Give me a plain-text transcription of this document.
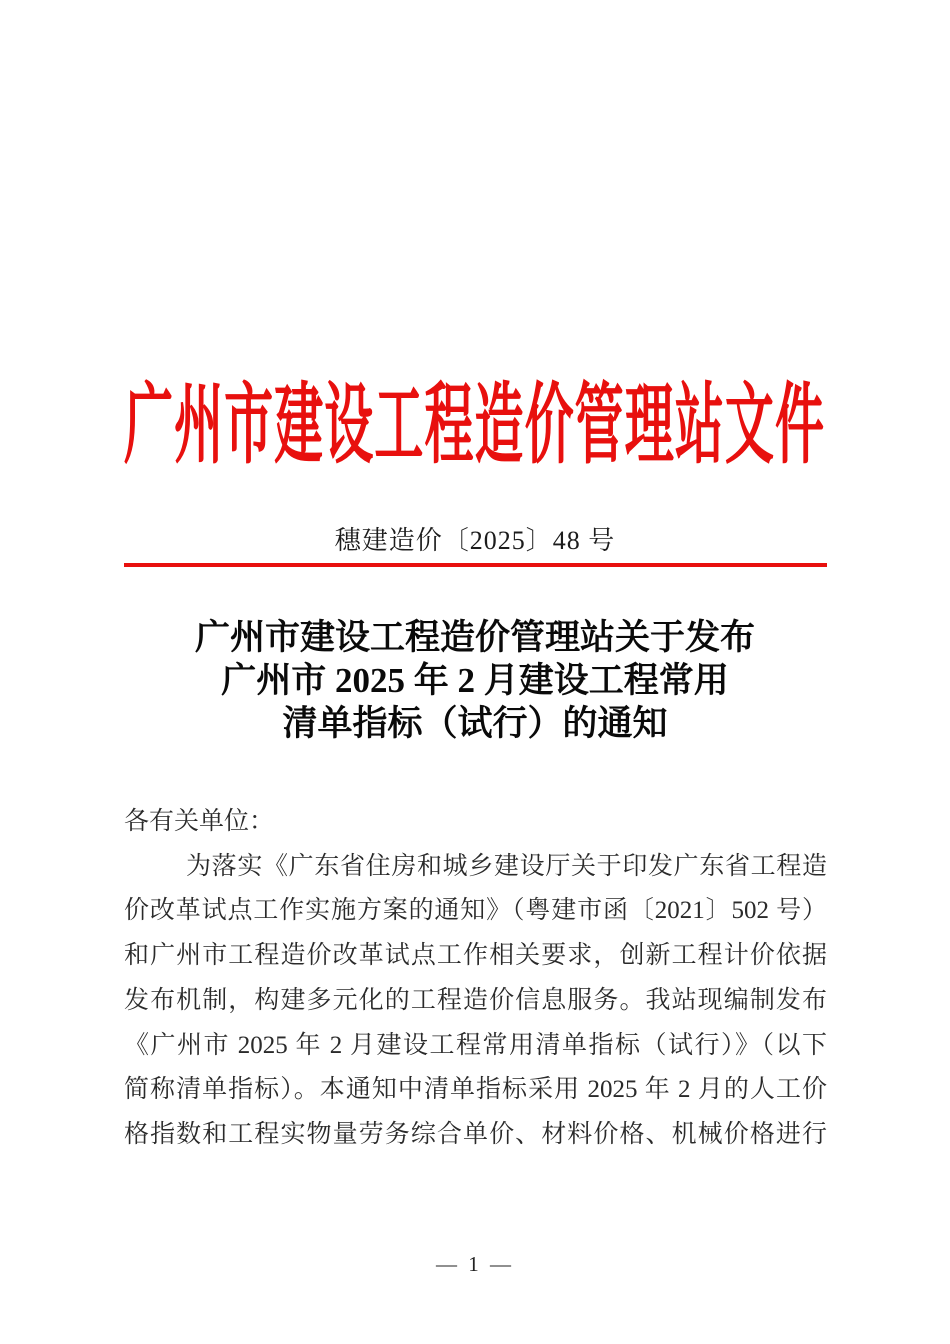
广州市建设工程造价管理站文件
穗建造价〔2025〕48 号
广州市建设工程造价管理站关于发布
广州市 2025 年 2 月建设工程常用
清单指标（试行）的通知
各有关单位：
为落实《广东省住房和城乡建设厅关于印发广东省工程造
价改革试点工作实施方案的通知》（粤建市函〔2021〕502 号）
和广州市工程造价改革试点工作相关要求，创新工程计价依据
发布机制，构建多元化的工程造价信息服务。我站现编制发布
《广州市 2025 年 2 月建设工程常用清单指标（试行）》（以下
简称清单指标）。本通知中清单指标采用 2025 年 2 月的人工价
格指数和工程实物量劳务综合单价、材料价格、机械价格进行
— 1 —
